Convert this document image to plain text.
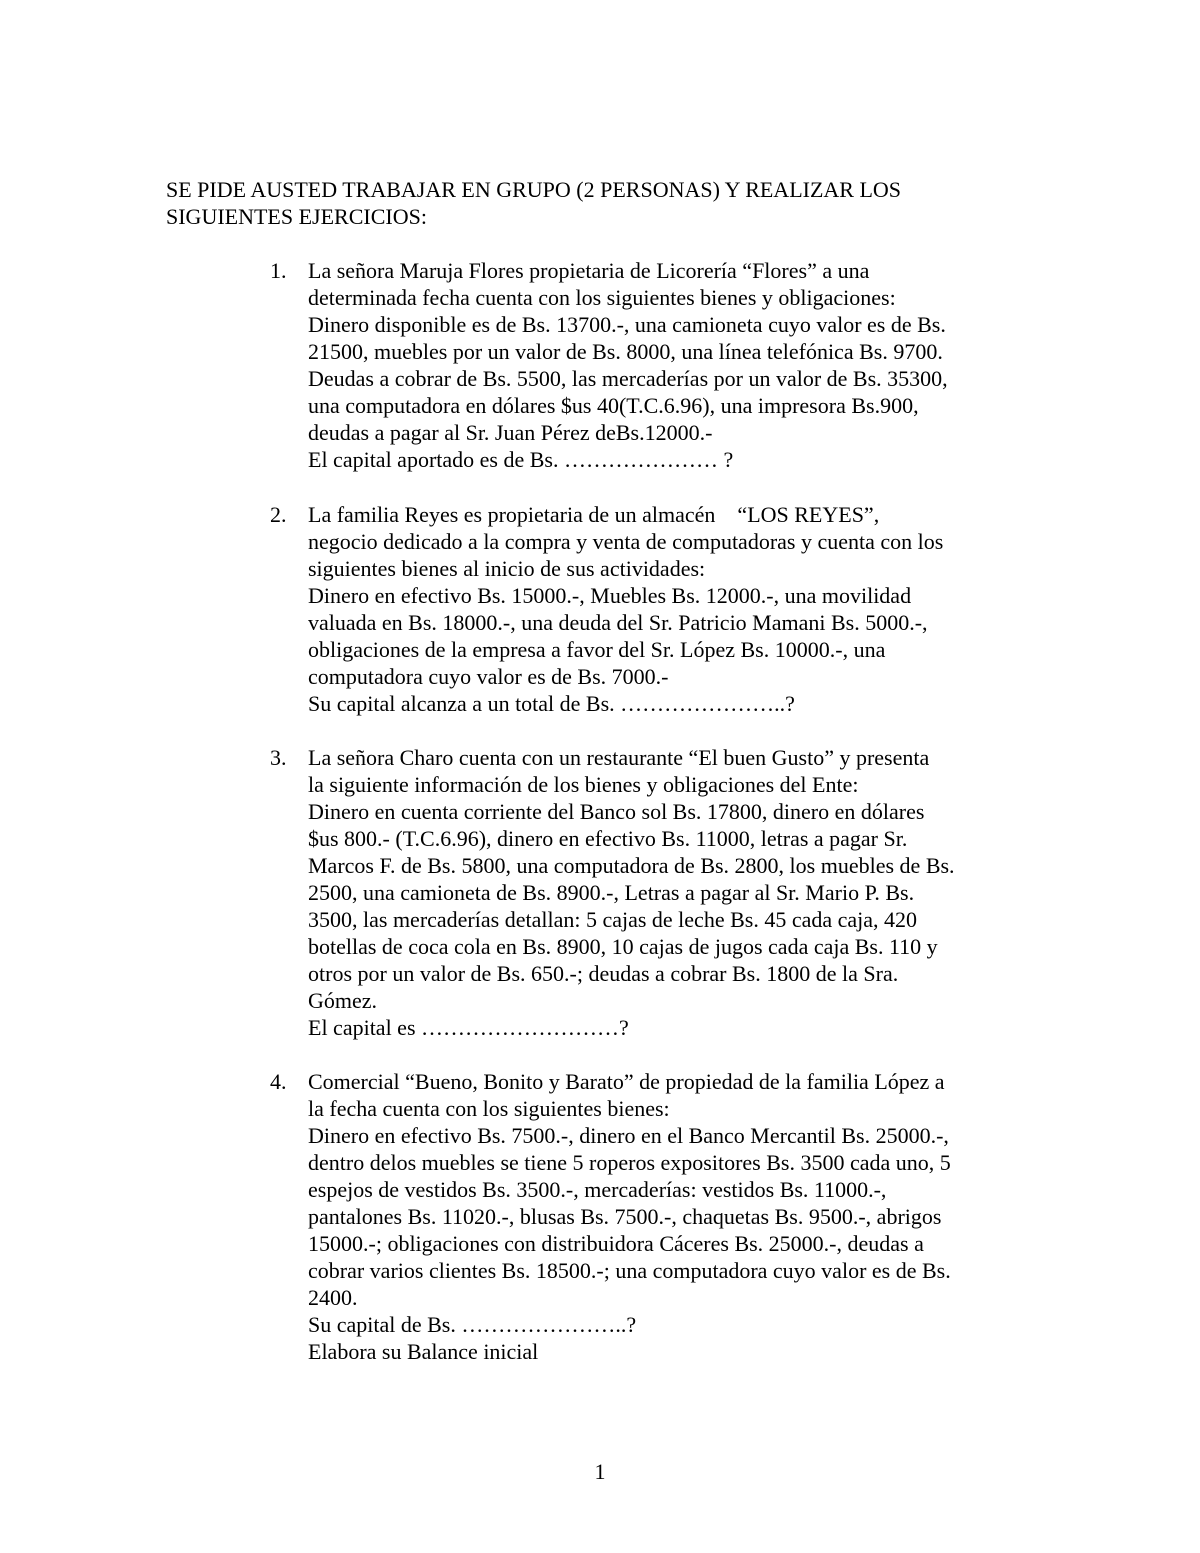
SE PIDE AUSTED TRABAJAR EN GRUPO (2 PERSONAS) Y REALIZAR LOS
SIGUIENTES EJERCICIOS:
1. La señora Maruja Flores propietaria de Licorería “Flores” a una
determinada fecha cuenta con los siguientes bienes y obligaciones:
Dinero disponible es de Bs. 13700.-, una camioneta cuyo valor es de Bs.
21500, muebles por un valor de Bs. 8000, una línea telefónica Bs. 9700.
Deudas a cobrar de Bs. 5500, las mercaderías por un valor de Bs. 35300,
una computadora en dólares $us 40(T.C.6.96), una impresora Bs.900,
deudas a pagar al Sr. Juan Pérez deBs.12000.-
El capital aportado es de Bs. ………………… ?
2. La familia Reyes es propietaria de un almacén    “LOS REYES”,
negocio dedicado a la compra y venta de computadoras y cuenta con los
siguientes bienes al inicio de sus actividades:
Dinero en efectivo Bs. 15000.-, Muebles Bs. 12000.-, una movilidad
valuada en Bs. 18000.-, una deuda del Sr. Patricio Mamani Bs. 5000.-,
obligaciones de la empresa a favor del Sr. López Bs. 10000.-, una
computadora cuyo valor es de Bs. 7000.-
Su capital alcanza a un total de Bs. …………………..?
3. La señora Charo cuenta con un restaurante “El buen Gusto” y presenta
la siguiente información de los bienes y obligaciones del Ente:
Dinero en cuenta corriente del Banco sol Bs. 17800, dinero en dólares
$us 800.- (T.C.6.96), dinero en efectivo Bs. 11000, letras a pagar Sr.
Marcos F. de Bs. 5800, una computadora de Bs. 2800, los muebles de Bs.
2500, una camioneta de Bs. 8900.-, Letras a pagar al Sr. Mario P. Bs.
3500, las mercaderías detallan: 5 cajas de leche Bs. 45 cada caja, 420
botellas de coca cola en Bs. 8900, 10 cajas de jugos cada caja Bs. 110 y
otros por un valor de Bs. 650.-; deudas a cobrar Bs. 1800 de la Sra.
Gómez.
El capital es ………………………?
4. Comercial “Bueno, Bonito y Barato” de propiedad de la familia López a
la fecha cuenta con los siguientes bienes:
Dinero en efectivo Bs. 7500.-, dinero en el Banco Mercantil Bs. 25000.-,
dentro delos muebles se tiene 5 roperos expositores Bs. 3500 cada uno, 5
espejos de vestidos Bs. 3500.-, mercaderías: vestidos Bs. 11000.-,
pantalones Bs. 11020.-, blusas Bs. 7500.-, chaquetas Bs. 9500.-, abrigos
15000.-; obligaciones con distribuidora Cáceres Bs. 25000.-, deudas a
cobrar varios clientes Bs. 18500.-; una computadora cuyo valor es de Bs.
2400.
Su capital de Bs. …………………..?
Elabora su Balance inicial
1
